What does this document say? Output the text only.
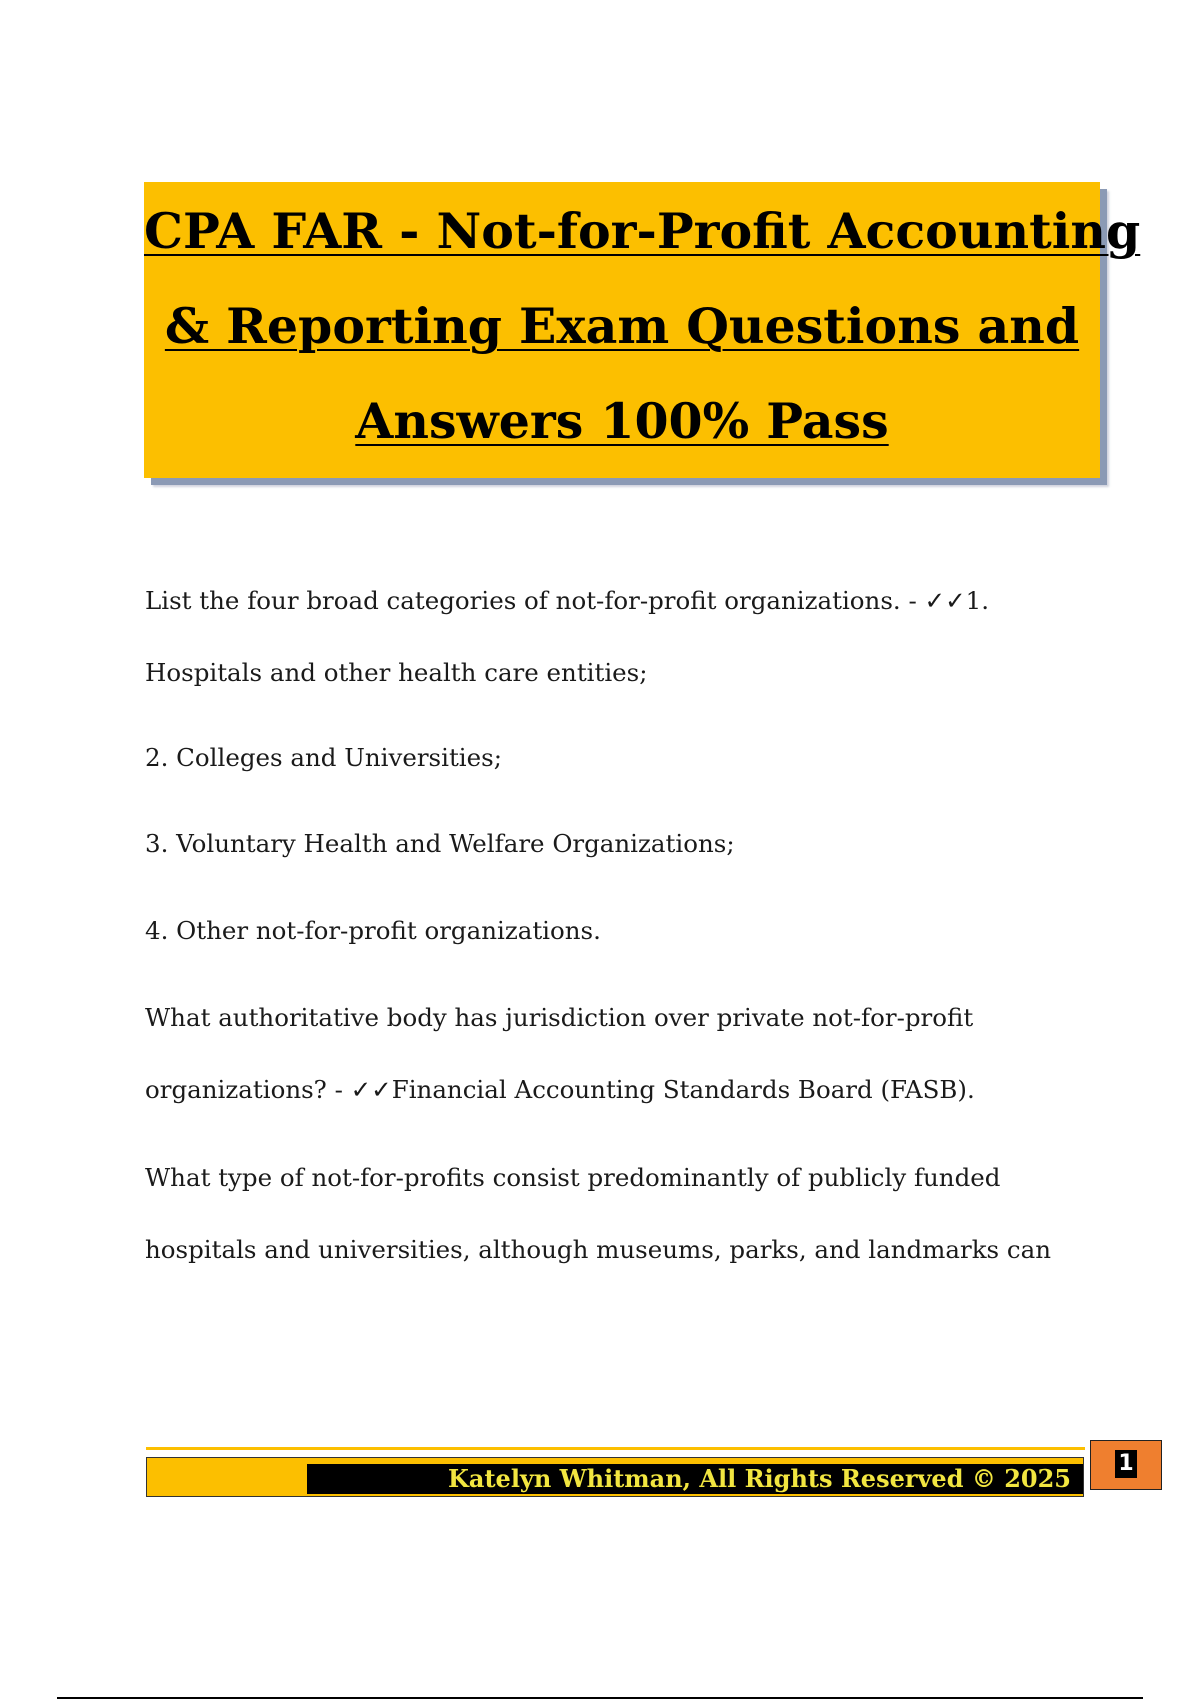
CPA FAR - Not-for-Profit Accounting
& Reporting Exam Questions and
Answers 100% Pass

List the four broad categories of not-for-profit organizations. - ✓✓1.

Hospitals and other health care entities;

2. Colleges and Universities;

3. Voluntary Health and Welfare Organizations;

4. Other not-for-profit organizations.

What authoritative body has jurisdiction over private not-for-profit

organizations? - ✓✓Financial Accounting Standards Board (FASB).

What type of not-for-profits consist predominantly of publicly funded

hospitals and universities, although museums, parks, and landmarks can

Katelyn Whitman, All Rights Reserved © 2025
1
